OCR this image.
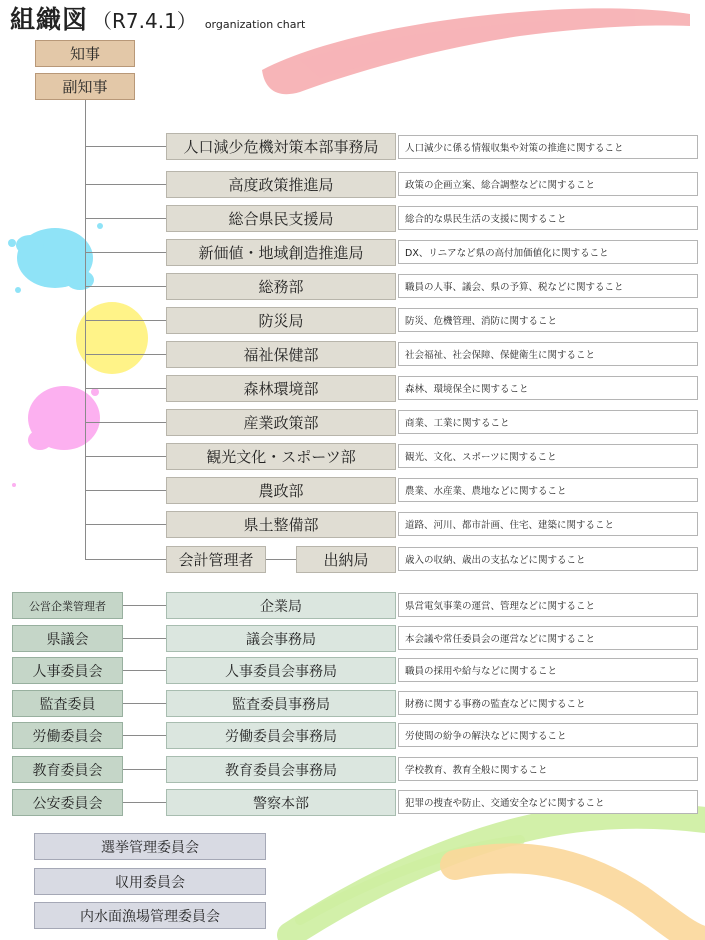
組織図 （R7.4.1） organization chart
知事
副知事
人口減少危機対策本部事務局	人口減少に係る情報収集や対策の推進に関すること
高度政策推進局	政策の企画立案、総合調整などに関すること
総合県民支援局	総合的な県民生活の支援に関すること
新価値・地域創造推進局	DX、リニアなど県の高付加価値化に関すること
総務部	職員の人事、議会、県の予算、税などに関すること
防災局	防災、危機管理、消防に関すること
福祉保健部	社会福祉、社会保障、保健衛生に関すること
森林環境部	森林、環境保全に関すること
産業政策部	商業、工業に関すること
観光文化・スポーツ部	観光、文化、スポーツに関すること
農政部	農業、水産業、農地などに関すること
県土整備部	道路、河川、都市計画、住宅、建築に関すること
会計管理者	出納局	歳入の収納、歳出の支払などに関すること
公営企業管理者	企業局	県営電気事業の運営、管理などに関すること
県議会	議会事務局	本会議や常任委員会の運営などに関すること
人事委員会	人事委員会事務局	職員の採用や給与などに関すること
監査委員	監査委員事務局	財務に関する事務の監査などに関すること
労働委員会	労働委員会事務局	労使間の紛争の解決などに関すること
教育委員会	教育委員会事務局	学校教育、教育全般に関すること
公安委員会	警察本部	犯罪の捜査や防止、交通安全などに関すること
選挙管理委員会
収用委員会
内水面漁場管理委員会
